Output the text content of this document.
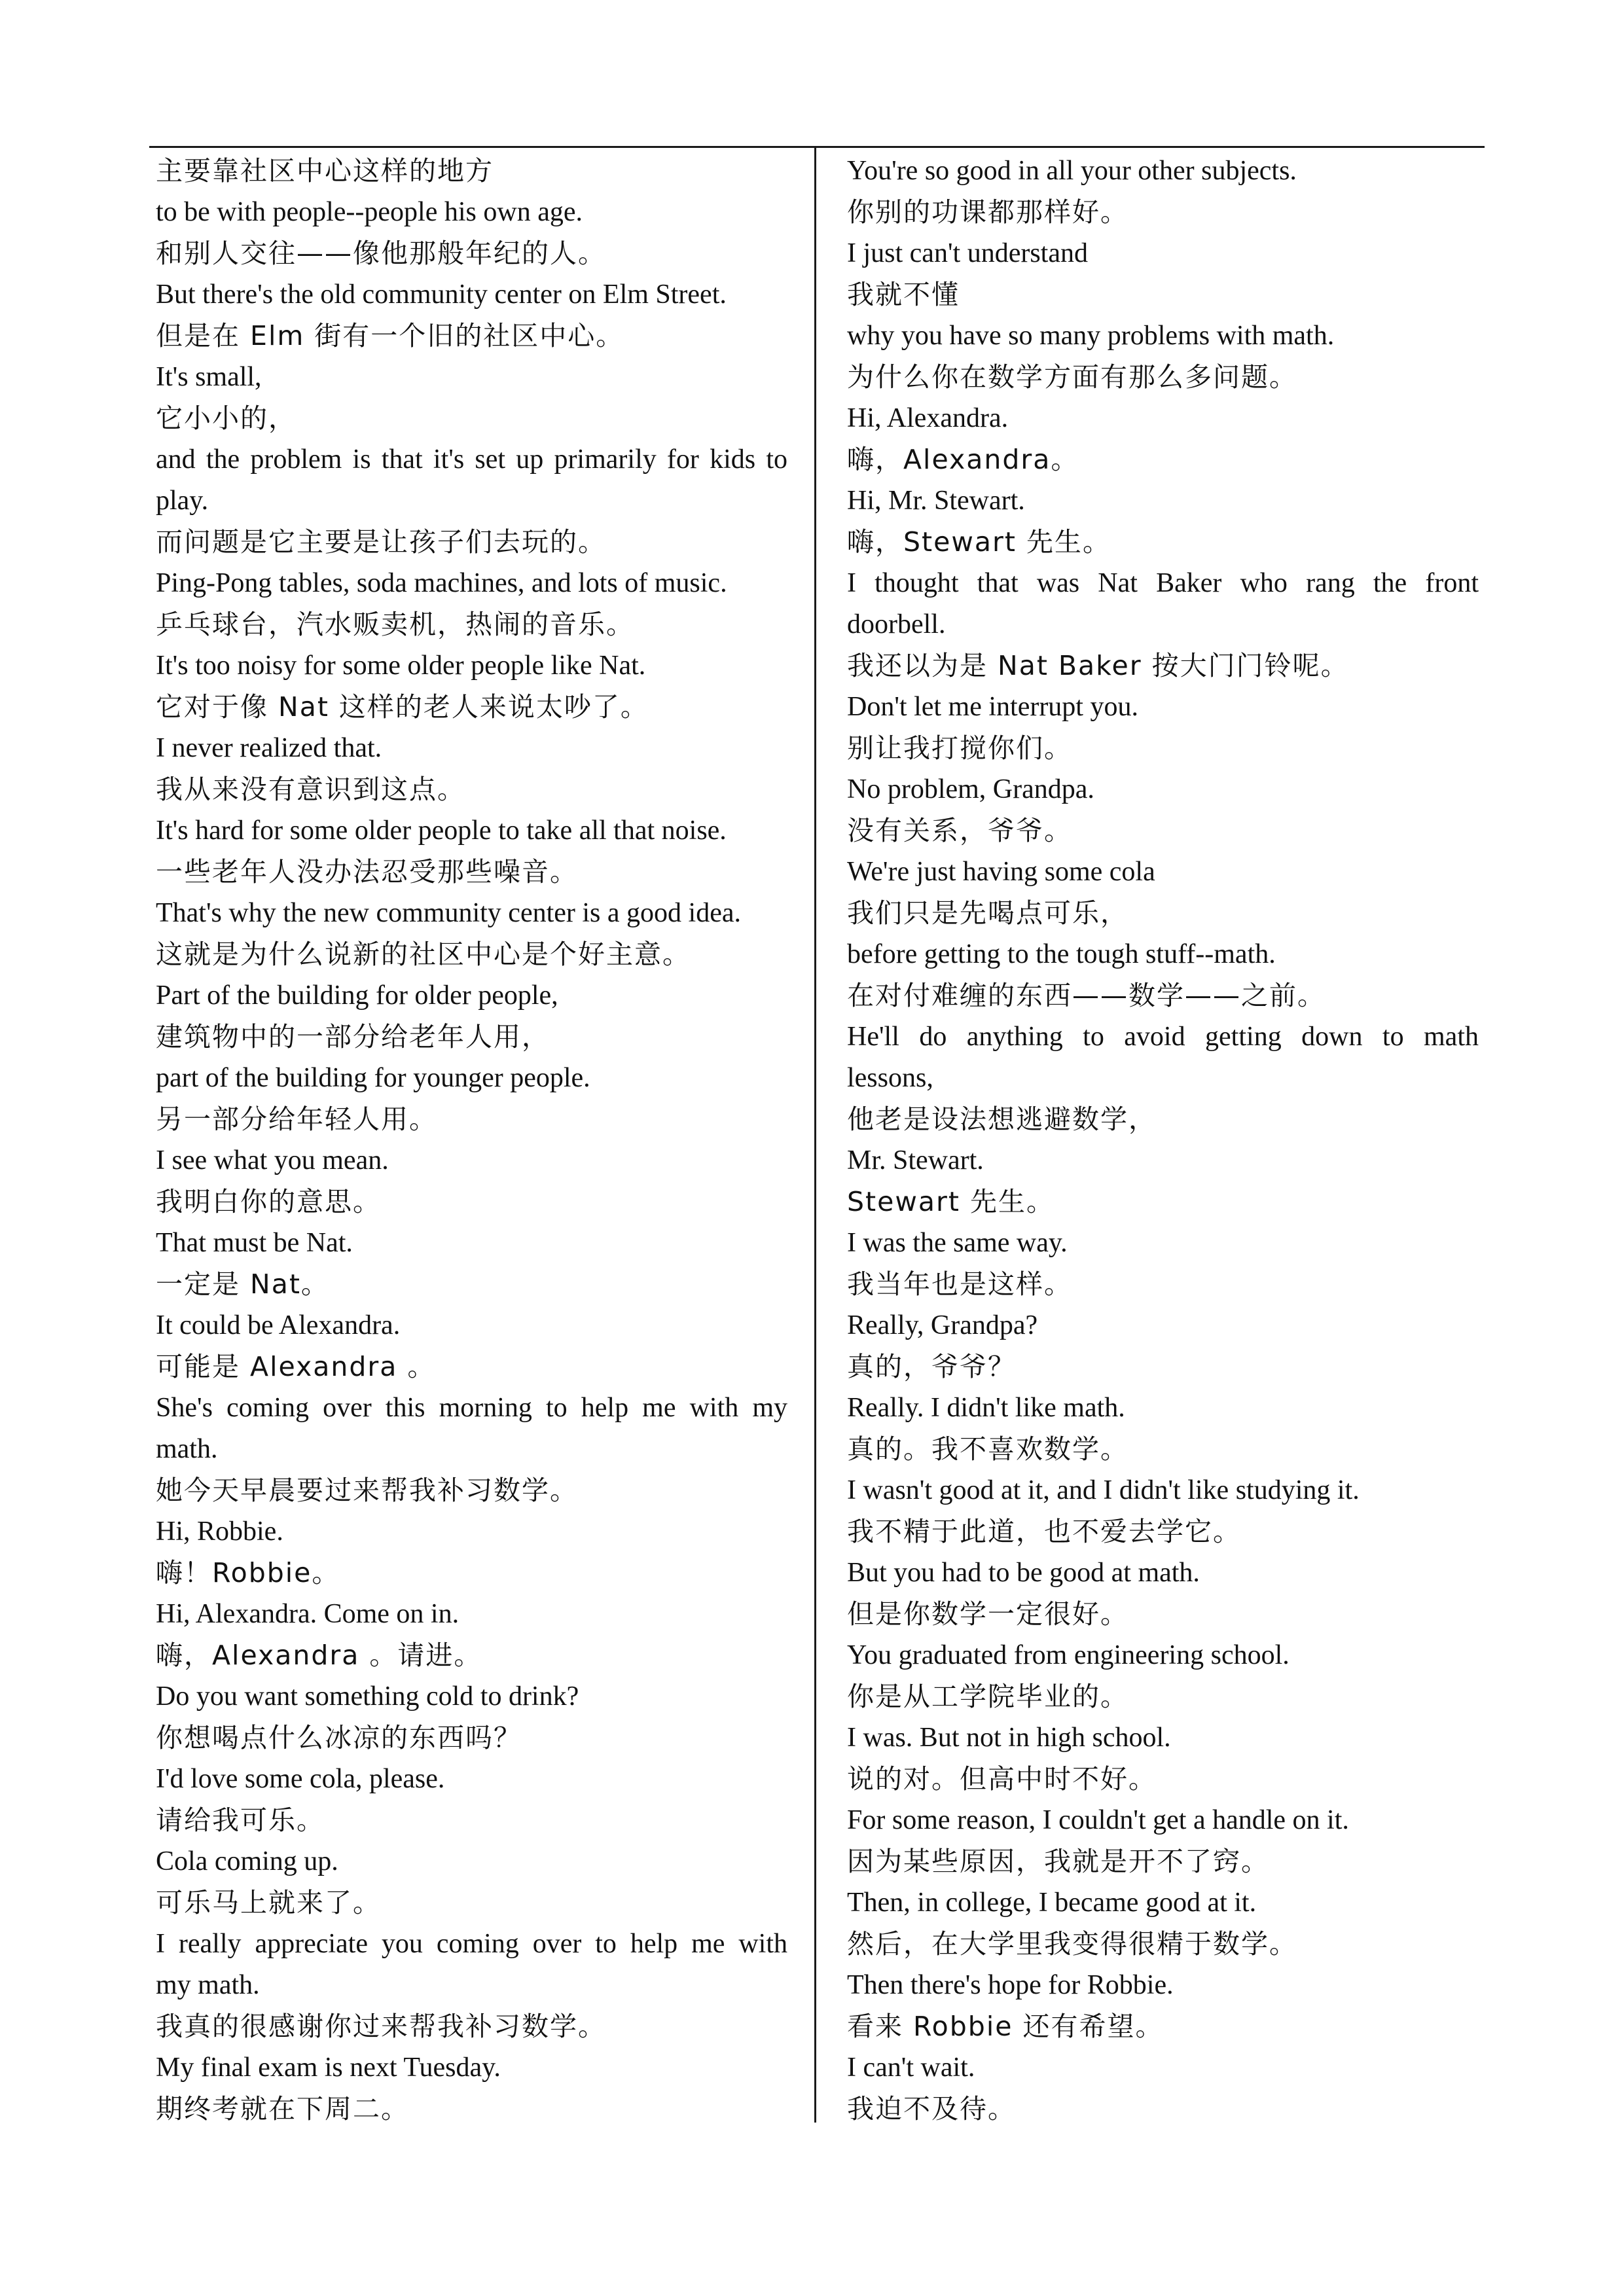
主要靠社区中心这样的地方
to be with people--people his own age.
和别人交往——像他那般年纪的人。
But there's the old community center on Elm Street.
但是在 Elm 街有一个旧的社区中心。
It's small,
它小小的，
and the problem is that it's set up primarily for kids to
play.
而问题是它主要是让孩子们去玩的。
Ping-Pong tables, soda machines, and lots of music.
乒乓球台，汽水贩卖机，热闹的音乐。
It's too noisy for some older people like Nat.
它对于像 Nat 这样的老人来说太吵了。
I never realized that.
我从来没有意识到这点。
It's hard for some older people to take all that noise.
一些老年人没办法忍受那些噪音。
That's why the new community center is a good idea.
这就是为什么说新的社区中心是个好主意。
Part of the building for older people,
建筑物中的一部分给老年人用，
part of the building for younger people.
另一部分给年轻人用。
I see what you mean.
我明白你的意思。
That must be Nat.
一定是 Nat。
It could be Alexandra.
可能是 Alexandra 。
She's coming over this morning to help me with my
math.
她今天早晨要过来帮我补习数学。
Hi, Robbie.
嗨！Robbie。
Hi, Alexandra. Come on in.
嗨，Alexandra 。请进。
Do you want something cold to drink?
你想喝点什么冰凉的东西吗？
I'd love some cola, please.
请给我可乐。
Cola coming up.
可乐马上就来了。
I really appreciate you coming over to help me with
my math.
我真的很感谢你过来帮我补习数学。
My final exam is next Tuesday.
期终考就在下周二。
You're so good in all your other subjects.
你别的功课都那样好。
I just can't understand
我就不懂
why you have so many problems with math.
为什么你在数学方面有那么多问题。
Hi, Alexandra.
嗨，Alexandra。
Hi, Mr. Stewart.
嗨，Stewart 先生。
I thought that was Nat Baker who rang the front
doorbell.
我还以为是 Nat Baker 按大门门铃呢。
Don't let me interrupt you.
别让我打搅你们。
No problem, Grandpa.
没有关系，爷爷。
We're just having some cola
我们只是先喝点可乐，
before getting to the tough stuff--math.
在对付难缠的东西——数学——之前。
He'll do anything to avoid getting down to math
lessons,
他老是设法想逃避数学，
Mr. Stewart.
Stewart 先生。
I was the same way.
我当年也是这样。
Really, Grandpa?
真的，爷爷？
Really. I didn't like math.
真的。我不喜欢数学。
I wasn't good at it, and I didn't like studying it.
我不精于此道，也不爱去学它。
But you had to be good at math.
但是你数学一定很好。
You graduated from engineering school.
你是从工学院毕业的。
I was. But not in high school.
说的对。但高中时不好。
For some reason, I couldn't get a handle on it.
因为某些原因，我就是开不了窍。
Then, in college, I became good at it.
然后，在大学里我变得很精于数学。
Then there's hope for Robbie.
看来 Robbie 还有希望。
I can't wait.
我迫不及待。
